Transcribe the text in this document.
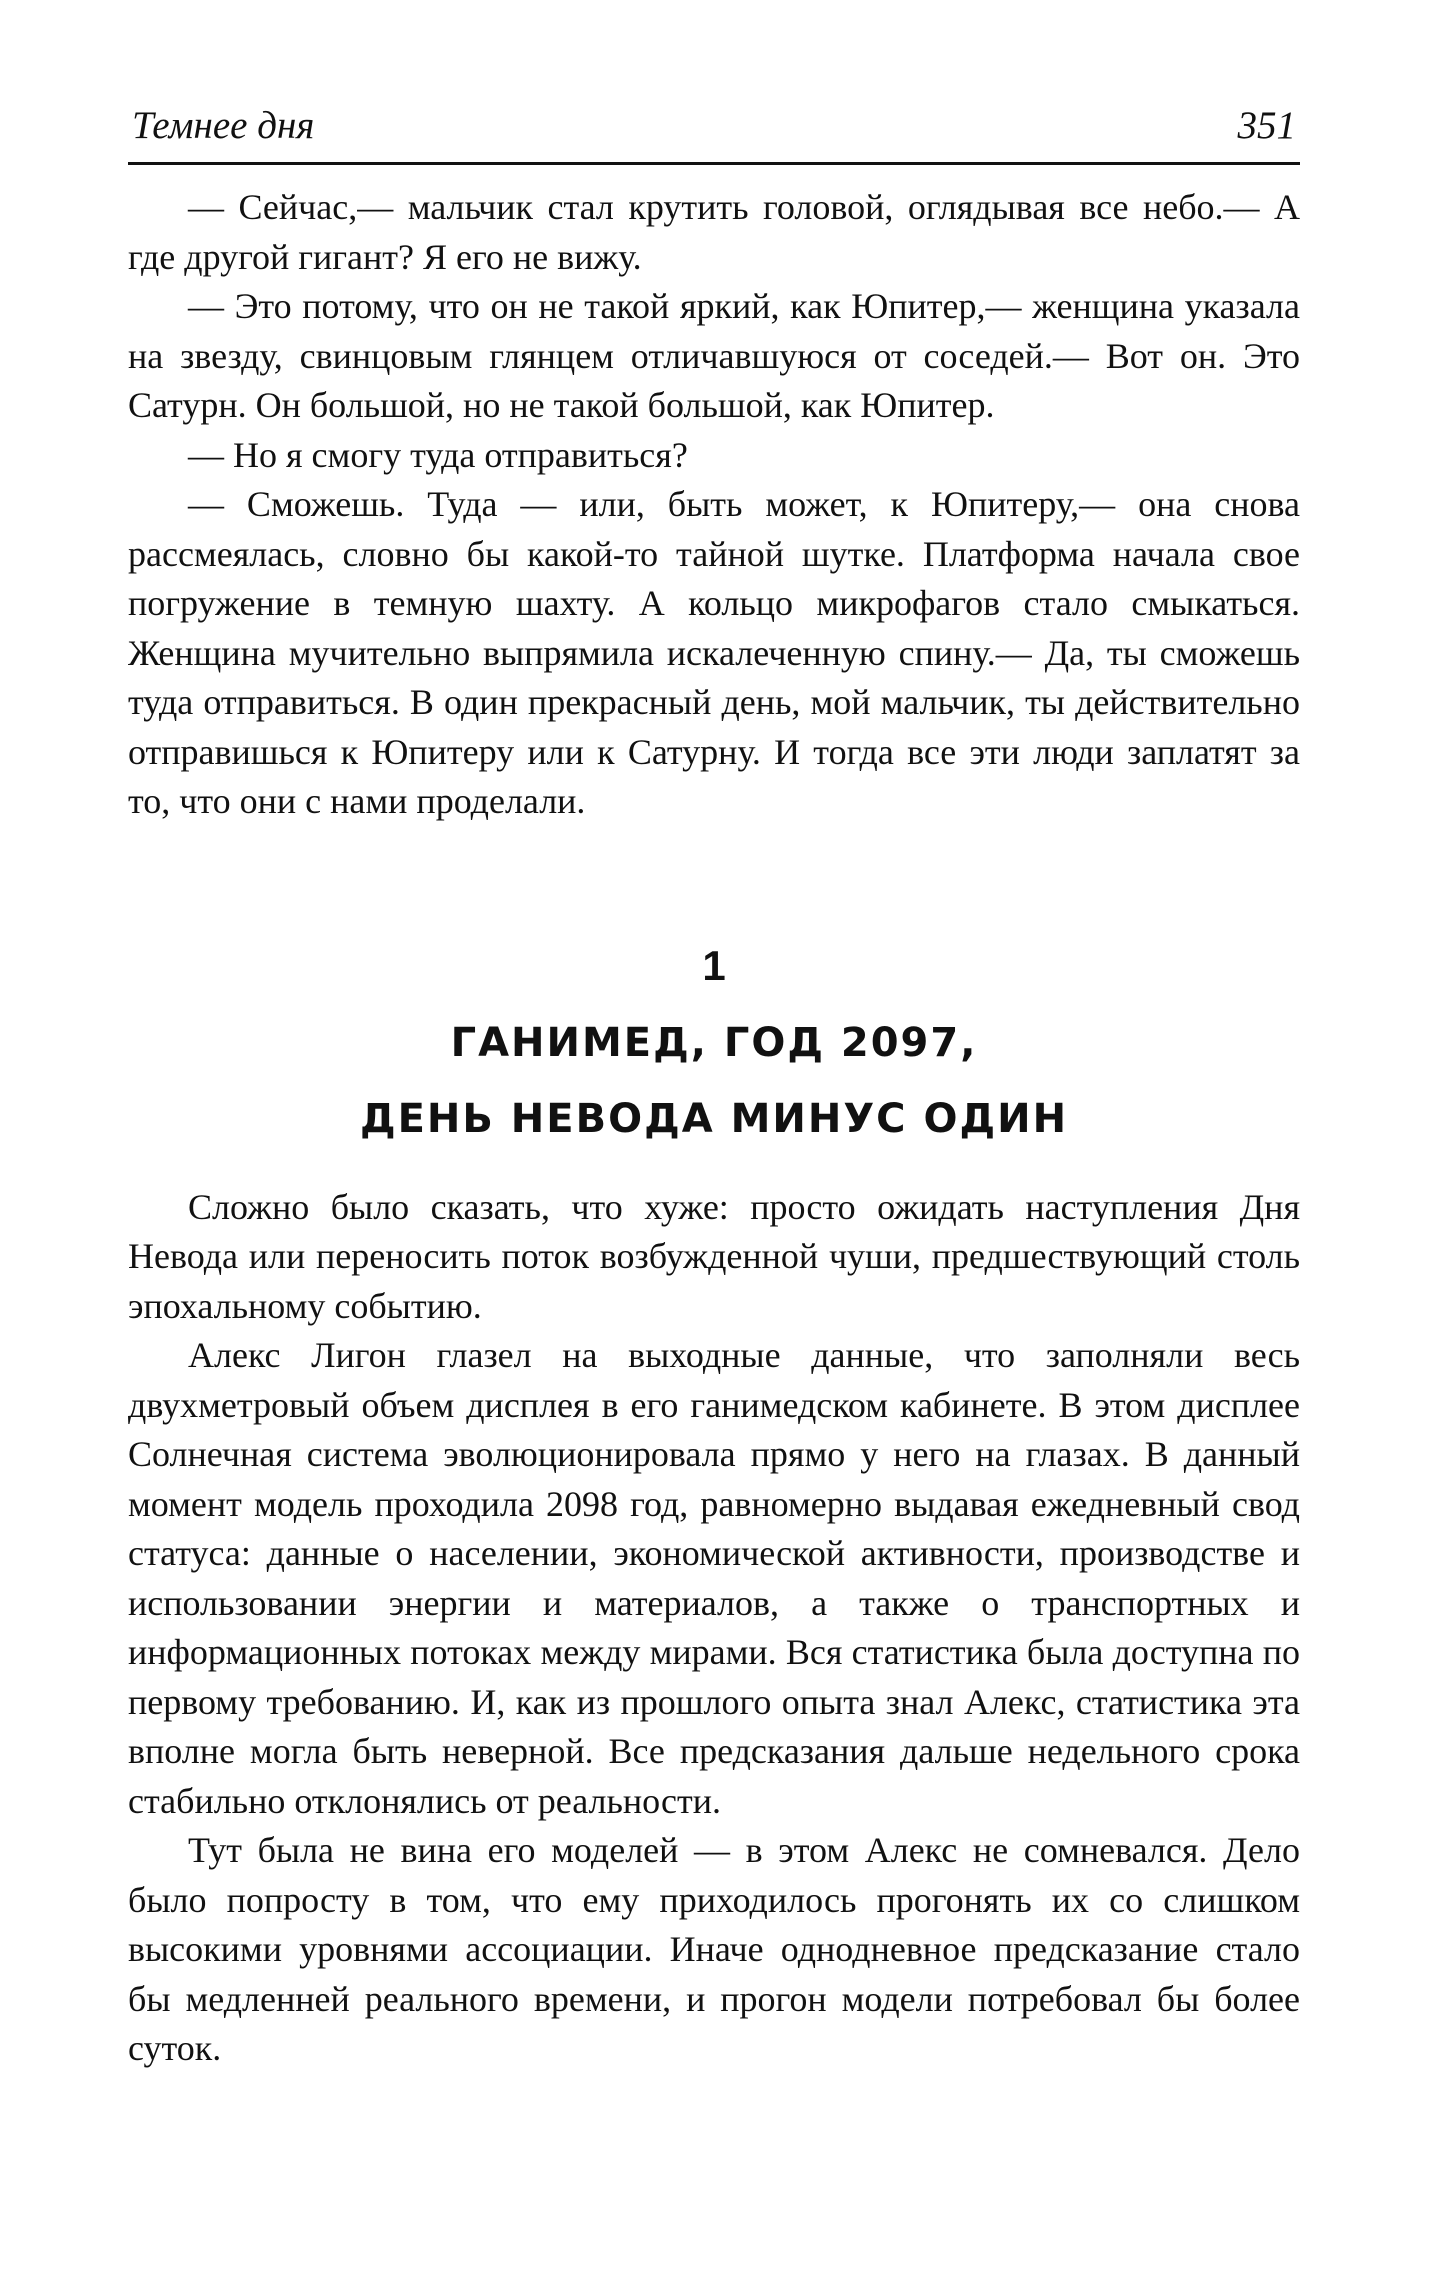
Темнее дня	351

— Сейчас,— мальчик стал крутить головой, оглядывая все небо.— А где другой гигант? Я его не вижу.

— Это потому, что он не такой яркий, как Юпитер,— женщина указала на звезду, свинцовым глянцем отличавшуюся от соседей.— Вот он. Это Сатурн. Он большой, но не такой большой, как Юпитер.

— Но я смогу туда отправиться?

— Сможешь. Туда — или, быть может, к Юпитеру,— она снова рассмеялась, словно бы какой-то тайной шутке. Платформа начала свое погружение в темную шахту. А кольцо микрофагов стало смыкаться. Женщина мучительно выпрямила искалеченную спину.— Да, ты сможешь туда отправиться. В один прекрасный день, мой мальчик, ты действительно отправишься к Юпитеру или к Сатурну. И тогда все эти люди заплатят за то, что они с нами проделали.

1
ГАНИМЕД, ГОД 2097,
ДЕНЬ НЕВОДА МИНУС ОДИН

Сложно было сказать, что хуже: просто ожидать наступления Дня Невода или переносить поток возбужденной чуши, предшествующий столь эпохальному событию.

Алекс Лигон глазел на выходные данные, что заполняли весь двухметровый объем дисплея в его ганимедском кабинете. В этом дисплее Солнечная система эволюционировала прямо у него на глазах. В данный момент модель проходила 2098 год, равномерно выдавая ежедневный свод статуса: данные о населении, экономической активности, производстве и использовании энергии и материалов, а также о транспортных и информационных потоках между мирами. Вся статистика была доступна по первому требованию. И, как из прошлого опыта знал Алекс, статистика эта вполне могла быть неверной. Все предсказания дальше недельного срока стабильно отклонялись от реальности.

Тут была не вина его моделей — в этом Алекс не сомневался. Дело было попросту в том, что ему приходилось прогонять их со слишком высокими уровнями ассоциации. Иначе однодневное предсказание стало бы медленней реального времени, и прогон модели потребовал бы более суток.
